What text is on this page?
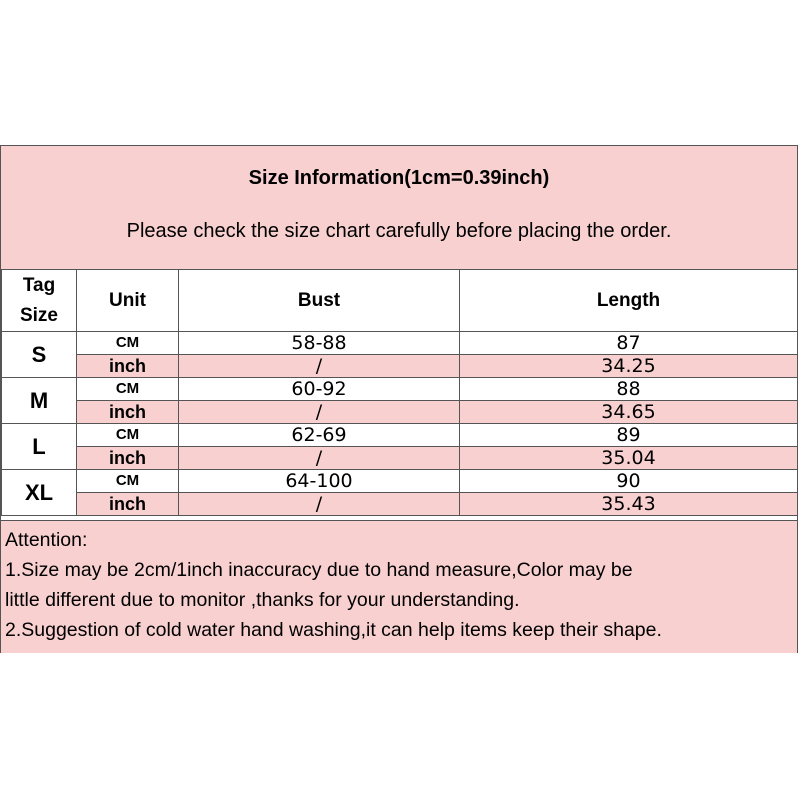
Size Information(1cm=0.39inch)
Please check the size chart carefully before placing the order.
Tag
Size	Unit	Bust	Length
S	CM	58-88	87
	inch	/	34.25
M	CM	60-92	88
	inch	/	34.65
L	CM	62-69	89
	inch	/	35.04
XL	CM	64-100	90
	inch	/	35.43
Attention:
1.Size may be 2cm/1inch inaccuracy due to hand measure,Color may be
little different due to monitor ,thanks for your understanding.
2.Suggestion of cold water hand washing,it can help items keep their shape.
